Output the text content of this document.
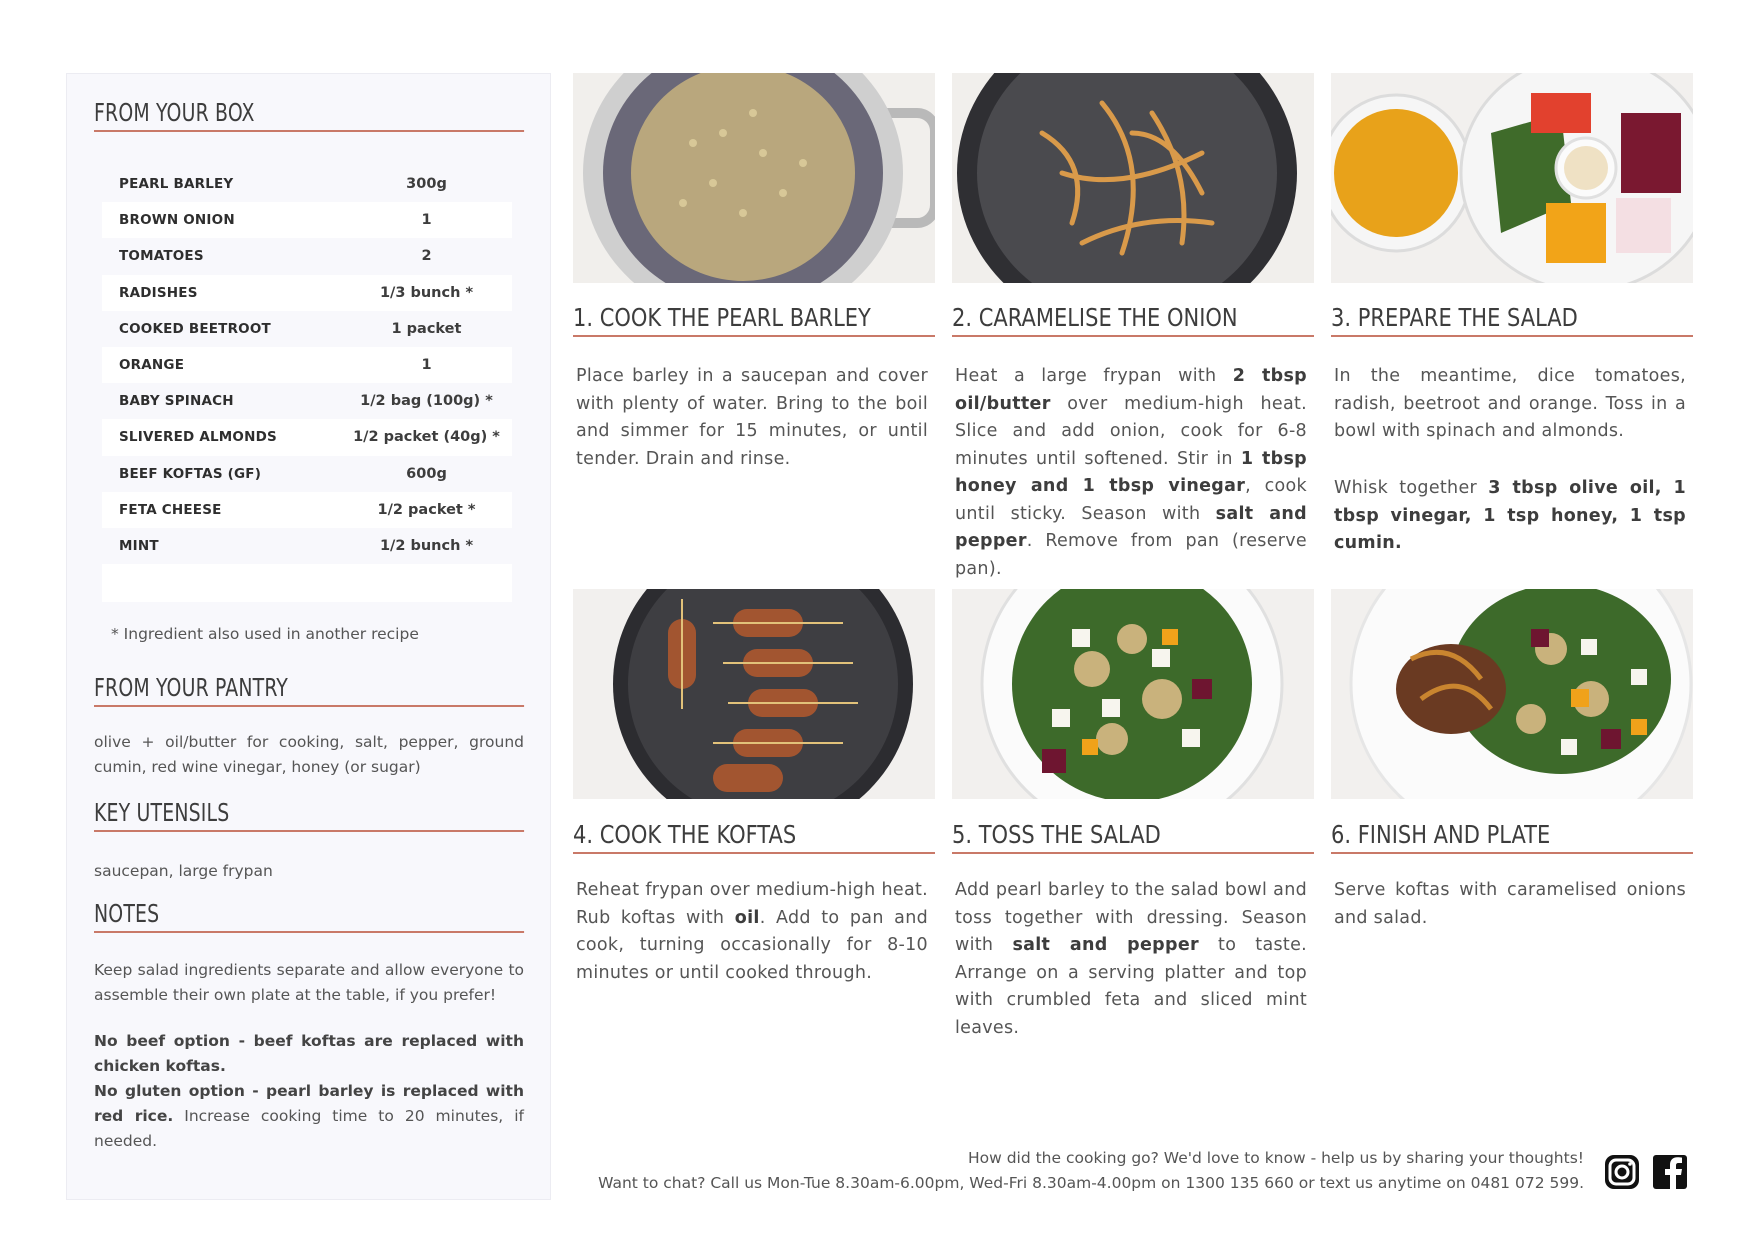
FROM YOUR BOX
PEARL BARLEY	300g
BROWN ONION	1
TOMATOES	2
RADISHES	1/3 bunch *
COOKED BEETROOT	1 packet
ORANGE	1
BABY SPINACH	1/2 bag (100g) *
SLIVERED ALMONDS	1/2 packet (40g) *
BEEF KOFTAS (GF)	600g
FETA CHEESE	1/2 packet *
MINT	1/2 bunch *
* Ingredient also used in another recipe
FROM YOUR PANTRY
olive + oil/butter for cooking, salt, pepper, ground cumin, red wine vinegar, honey (or sugar)
KEY UTENSILS
saucepan, large frypan
NOTES
Keep salad ingredients separate and allow everyone to assemble their own plate at the table, if you prefer!
No beef option - beef koftas are replaced with chicken koftas.
No gluten option - pearl barley is replaced with red rice. Increase cooking time to 20 minutes, if needed.
1. COOK THE PEARL BARLEY
Place barley in a saucepan and cover with plenty of water. Bring to the boil and simmer for 15 minutes, or until tender. Drain and rinse.
2. CARAMELISE THE ONION
Heat a large frypan with 2 tbsp oil/butter over medium-high heat. Slice and add onion, cook for 6-8 minutes until softened. Stir in 1 tbsp honey and 1 tbsp vinegar, cook until sticky. Season with salt and pepper. Remove from pan (reserve pan).
3. PREPARE THE SALAD
In the meantime, dice tomatoes, radish, beetroot and orange. Toss in a bowl with spinach and almonds.
Whisk together 3 tbsp olive oil, 1 tbsp vinegar, 1 tsp honey, 1 tsp cumin.
4. COOK THE KOFTAS
Reheat frypan over medium-high heat. Rub koftas with oil. Add to pan and cook, turning occasionally for 8-10 minutes or until cooked through.
5. TOSS THE SALAD
Add pearl barley to the salad bowl and toss together with dressing. Season with salt and pepper to taste. Arrange on a serving platter and top with crumbled feta and sliced mint leaves.
6. FINISH AND PLATE
Serve koftas with caramelised onions and salad.
How did the cooking go? We'd love to know - help us by sharing your thoughts!
Want to chat? Call us Mon-Tue 8.30am-6.00pm, Wed-Fri 8.30am-4.00pm on 1300 135 660 or text us anytime on 0481 072 599.
